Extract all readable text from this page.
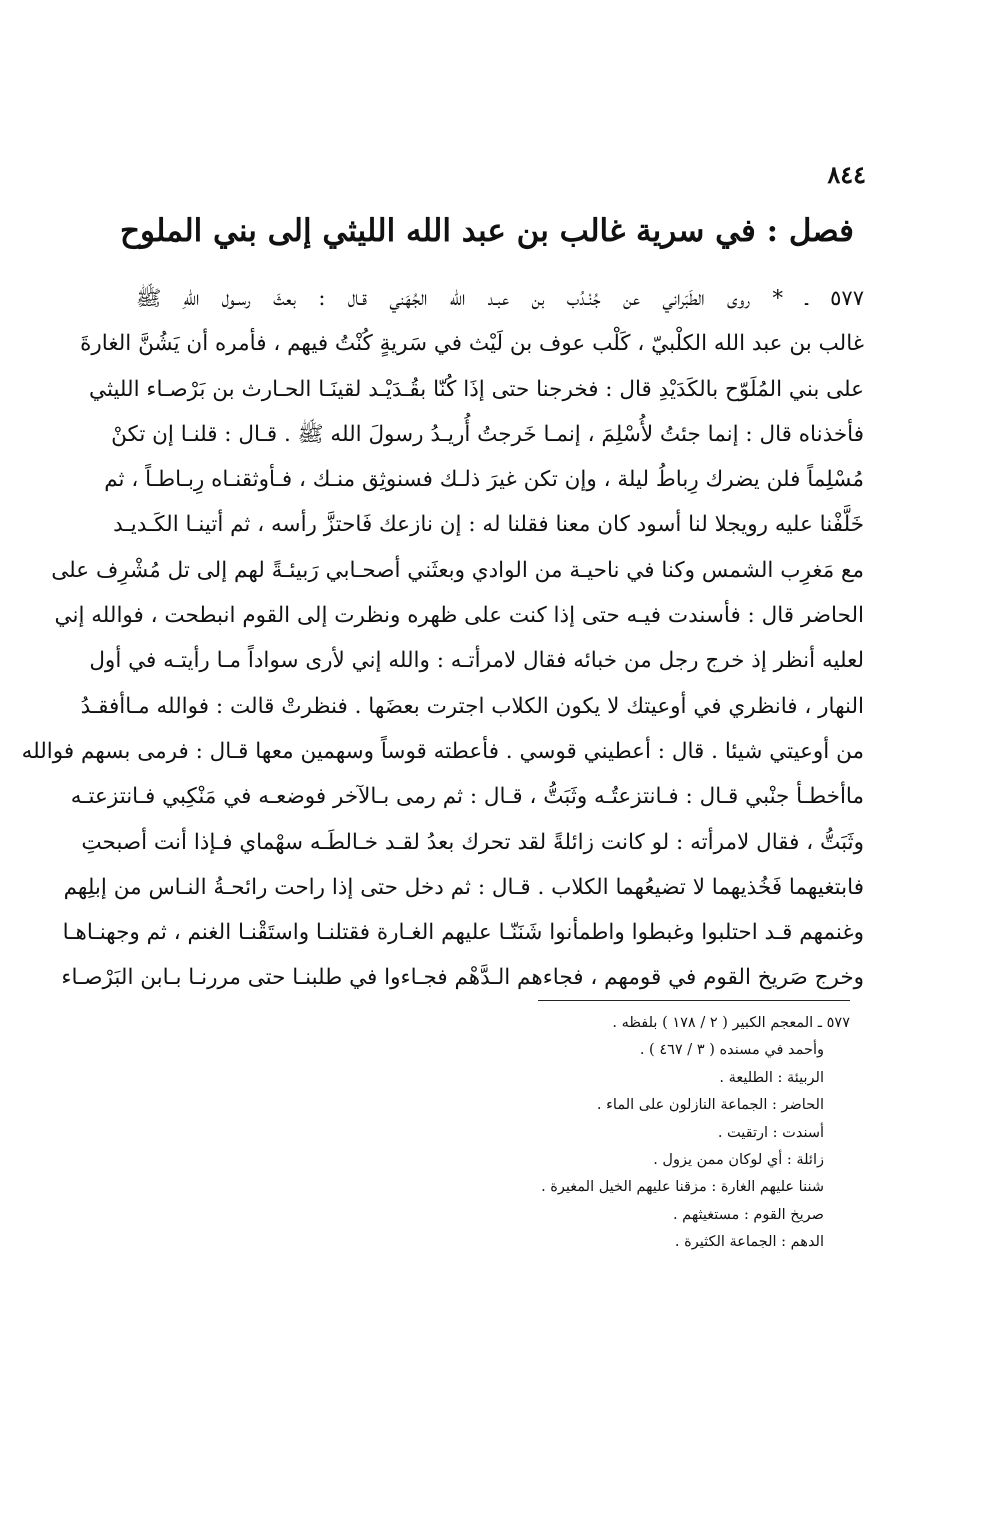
٨٤٤
فصل : في سرية غالب بن عبد الله الليثي إلى بني الملوح
٥٧٧ ـ * روى الطَبَراني عن جُنْـدُب بن عبـد الله الجُهَني قـال : بعثَ رسـول اللهِ ﷺ
غالب بن عبد الله الكلْبيّ ، كَلْب عوف بن لَيْث في سَريةٍ كُنْتُ فيهم ، فأمره أن يَشُنَّ الغارةَ
على بني المُلَوّح بالكَدَيْدِ قال : فخرجنا حتى إذَا كُنّا بقُـدَيْـد لقينَـا الحـارث بن بَرْصـاء الليثي
فأخذناه قال : إنما جئتُ لأُسْلِمَ ، إنمـا خَرجتُ أُريـدُ رسولَ الله ﷺ . قـال : قلنـا إن تكنْ
مُسْلِماً فلن يضرك رِباطُ ليلة ، وإن تكن غيرَ ذلـك فسنوثِق منـك ، فـأوثقنـاه رِبـاطـاً ، ثم
خَلَّفْنا عليه رويجلا لنا أسود كان معنا فقلنا له : إن نازعك فَاحتزَّ رأسه ، ثم أتينـا الكَـديـد
مع مَغرِب الشمس وكنا في ناحيـة من الوادي وبعثَني أصحـابي رَبيئـةً لهم إلى تل مُشْرِف على
الحاضر قال : فأسندت فيـه حتى إذا كنت على ظهره ونظرت إلى القوم انبطحت ، فوالله إني
لعليه أنظر إذ خرج رجل من خبائه فقال لامرأتـه : والله إني لأرى سواداً مـا رأيتـه في أول
النهار ، فانظري في أوعيتك لا يكون الكلاب اجترت بعضَها . فنظرتْ قالت : فوالله مـاأفقـدُ
من أوعيتي شيئا . قال : أعطيني قوسي . فأعطته قوساً وسهمين معها قـال : فرمى بسهم فوالله
ماأخطـأ جنْبي قـال : فـانتزعتُـه وثَبَتُّ ، قـال : ثم رمى بـالآخر فوضعـه في مَنْكِبي فـانتزعتـه
وثَبَتُّ ، فقال لامرأته : لو كانت زائلةً لقد تحرك بعدُ لقـد خـالطَـه سهْماي فـإذا أنت أصبحتِ
فابتغيهما فَخُذيهما لا تضيعُهما الكلاب . قـال : ثم دخل حتى إذا راحت رائحـةُ النـاس من إبلِهم
وغنمهم قـد احتلبوا وغبطوا واطمأنوا شَنَنّـا عليهم الغـارة فقتلنـا واستَقْنـا الغنم ، ثم وجهنـاهـا
وخرج صَريخ القوم في قومهم ، فجاءهم الـدَّهْم فجـاءوا في طلبنـا حتى مررنـا بـابن البَرْصـاء
٥٧٧ ـ المعجم الكبير ( ٢ / ١٧٨ ) بلفظه .
وأحمد في مسنده ( ٣ / ٤٦٧ ) .
الربيئة : الطليعة .
الحاضر : الجماعة النازلون على الماء .
أسندت : ارتقيت .
زائلة : أي لوكان ممن يزول .
شننا عليهم الغارة : مزقنا عليهم الخيل المغيرة .
صريخ القوم : مستغيثهم .
الدهم : الجماعة الكثيرة .
